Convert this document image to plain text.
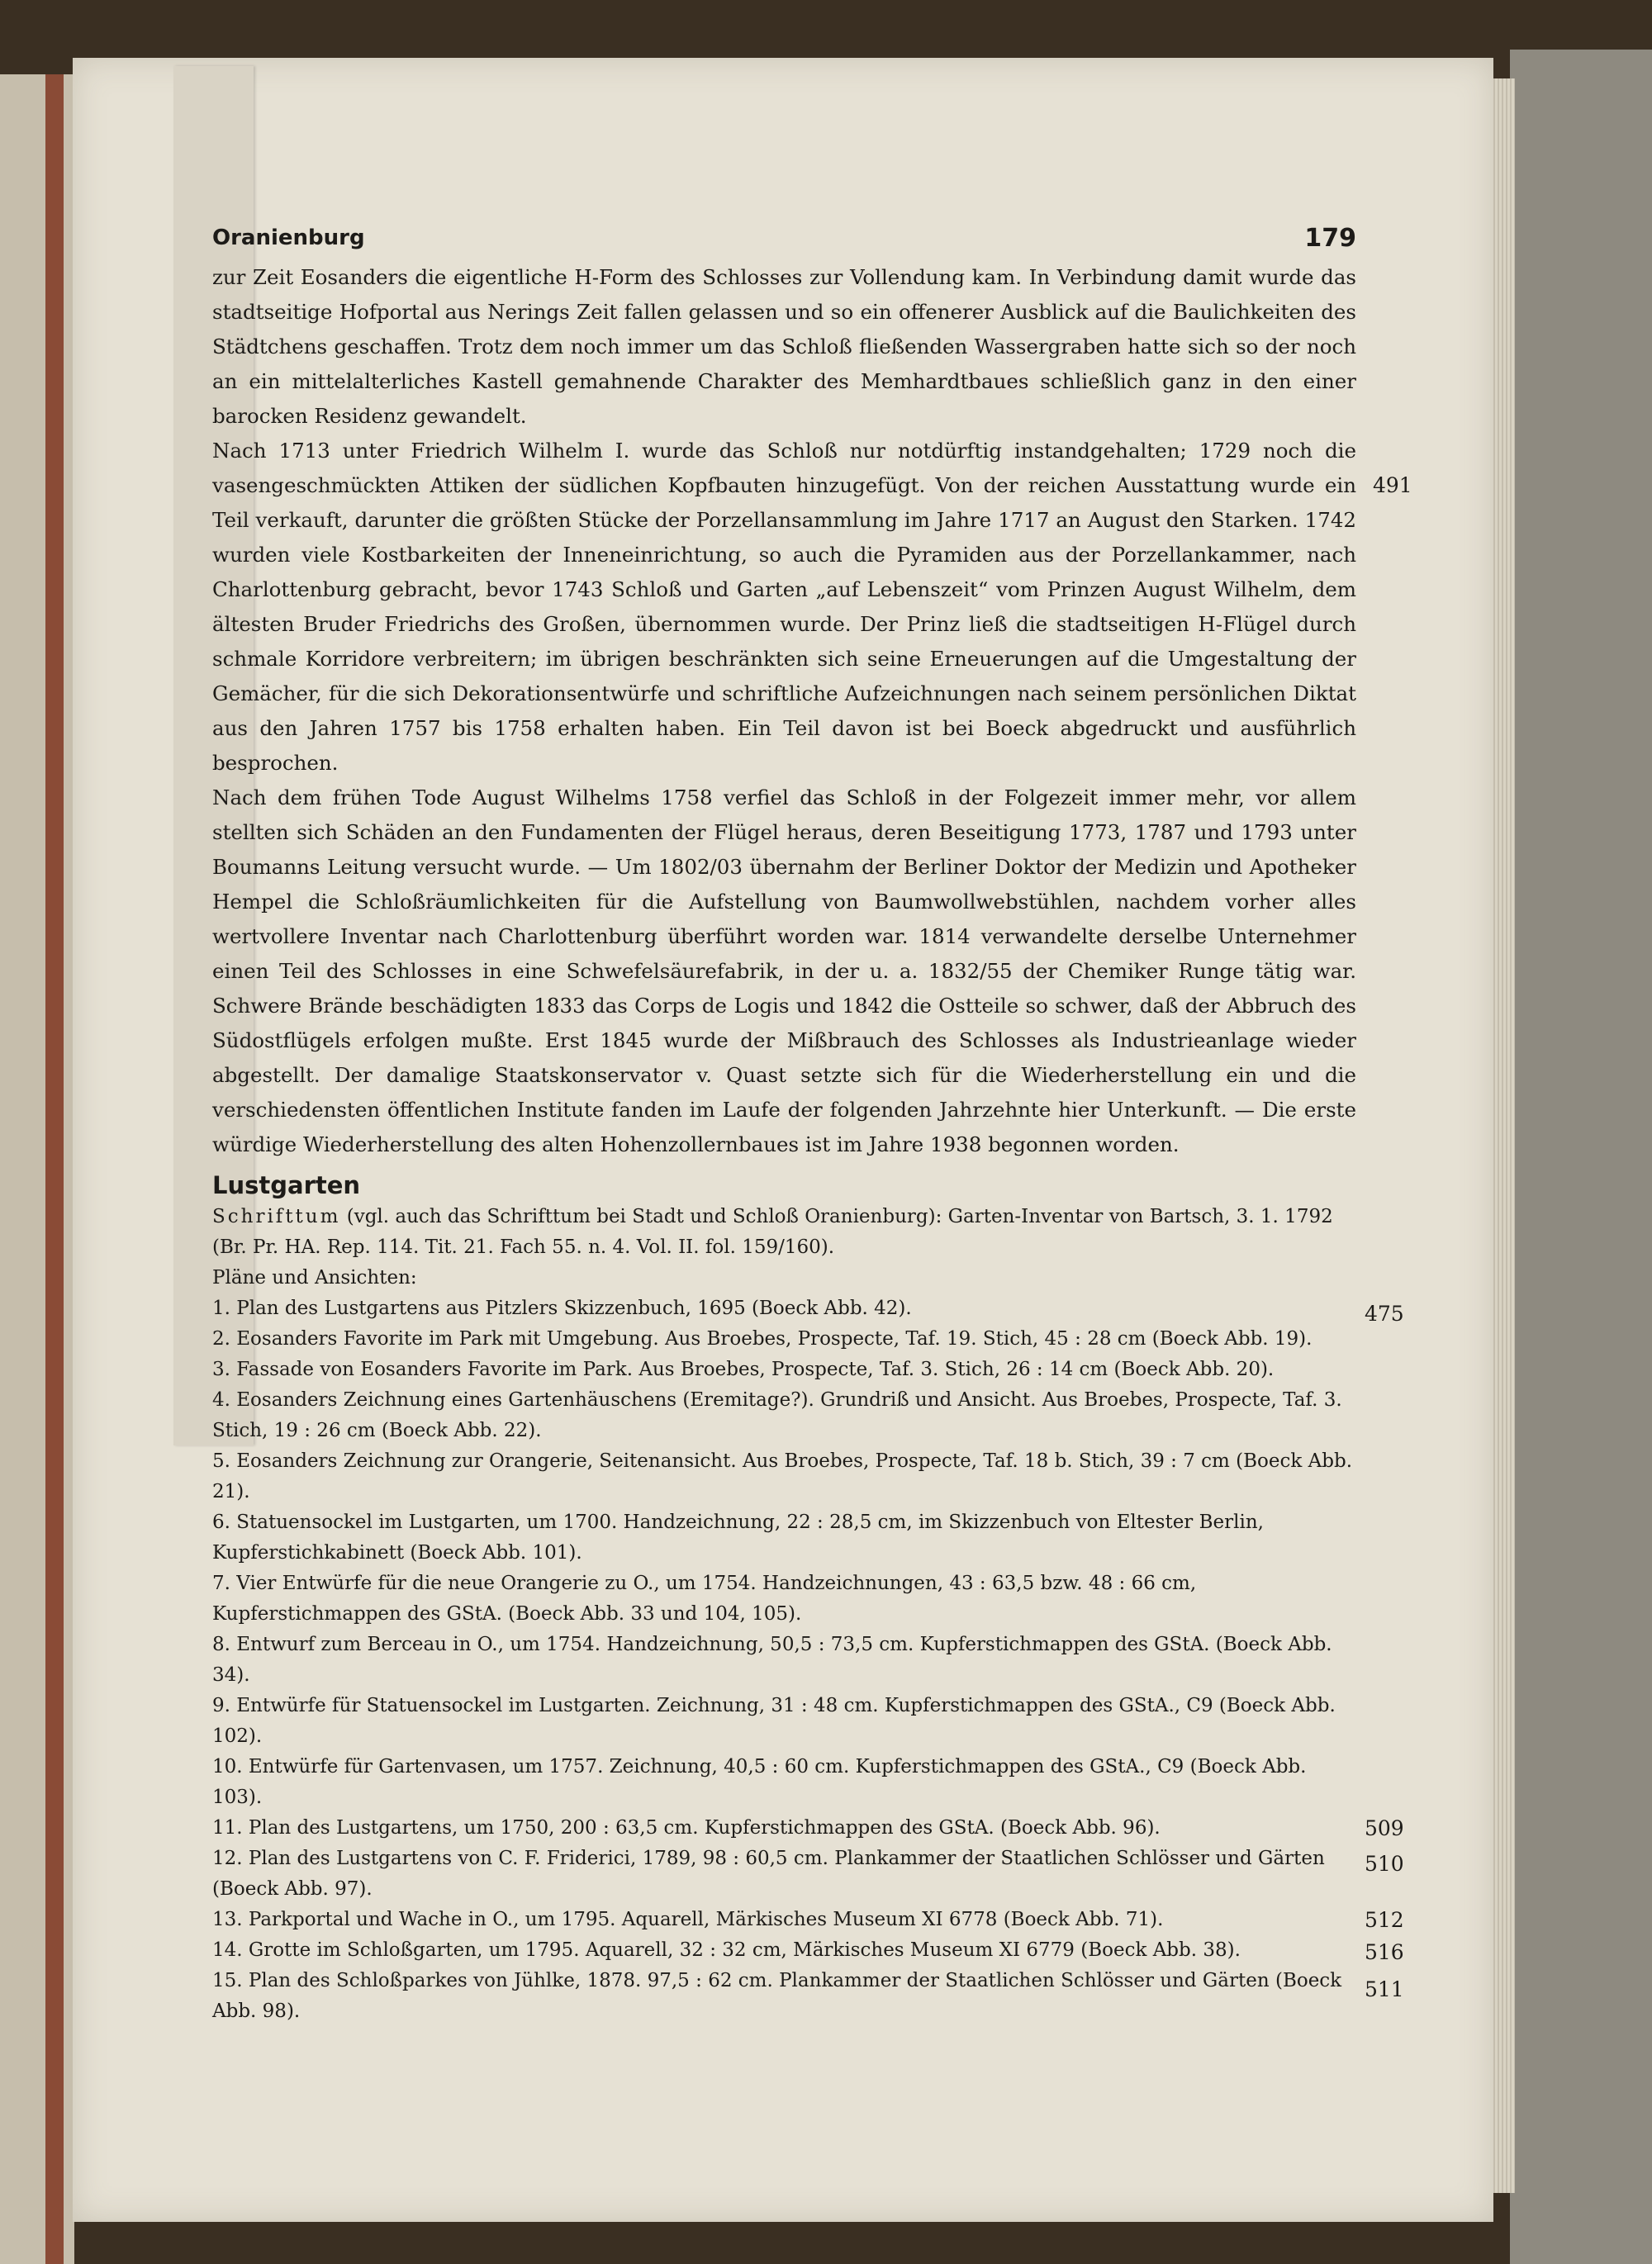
Oranienburg	179

zur Zeit Eosanders die eigentliche H-Form des Schlosses zur Vollendung kam. In Verbindung damit wurde das stadtseitige Hofportal aus Nerings Zeit fallen gelassen und so ein offenerer Ausblick auf die Baulichkeiten des Städtchens geschaffen. Trotz dem noch immer um das Schloß fließenden Wassergraben hatte sich so der noch an ein mittelalterliches Kastell gemahnende Charakter des Memhardtbaues schließlich ganz in den einer barocken Residenz gewandelt.

491

Nach 1713 unter Friedrich Wilhelm I. wurde das Schloß nur notdürftig instandgehalten; 1729 noch die vasengeschmückten Attiken der südlichen Kopfbauten hinzugefügt. Von der reichen Ausstattung wurde ein Teil verkauft, darunter die größten Stücke der Porzellansammlung im Jahre 1717 an August den Starken. 1742 wurden viele Kostbarkeiten der Inneneinrichtung, so auch die Pyramiden aus der Porzellankammer, nach Charlottenburg gebracht, bevor 1743 Schloß und Garten „auf Lebenszeit“ vom Prinzen August Wilhelm, dem ältesten Bruder Friedrichs des Großen, übernommen wurde. Der Prinz ließ die stadtseitigen H-Flügel durch schmale Korridore verbreitern; im übrigen beschränkten sich seine Erneuerungen auf die Umgestaltung der Gemächer, für die sich Dekorationsentwürfe und schriftliche Aufzeichnungen nach seinem persönlichen Diktat aus den Jahren 1757 bis 1758 erhalten haben. Ein Teil davon ist bei Boeck abgedruckt und ausführlich besprochen.

Nach dem frühen Tode August Wilhelms 1758 verfiel das Schloß in der Folgezeit immer mehr, vor allem stellten sich Schäden an den Fundamenten der Flügel heraus, deren Beseitigung 1773, 1787 und 1793 unter Boumanns Leitung versucht wurde. — Um 1802/03 übernahm der Berliner Doktor der Medizin und Apotheker Hempel die Schloßräumlichkeiten für die Aufstellung von Baumwollwebstühlen, nachdem vorher alles wertvollere Inventar nach Charlottenburg überführt worden war. 1814 verwandelte derselbe Unternehmer einen Teil des Schlosses in eine Schwefelsäurefabrik, in der u. a. 1832/55 der Chemiker Runge tätig war. Schwere Brände beschädigten 1833 das Corps de Logis und 1842 die Ostteile so schwer, daß der Abbruch des Südostflügels erfolgen mußte. Erst 1845 wurde der Mißbrauch des Schlosses als Industrieanlage wieder abgestellt. Der damalige Staatskonservator v. Quast setzte sich für die Wiederherstellung ein und die verschiedensten öffentlichen Institute fanden im Laufe der folgenden Jahrzehnte hier Unterkunft. — Die erste würdige Wiederherstellung des alten Hohenzollernbaues ist im Jahre 1938 begonnen worden.

Lustgarten
Schrifttum (vgl. auch das Schrifttum bei Stadt und Schloß Oranienburg): Garten-Inventar von Bartsch, 3. 1. 1792 (Br. Pr. HA. Rep. 114. Tit. 21. Fach 55. n. 4. Vol. II. fol. 159/160).
Pläne und Ansichten:
475
1. Plan des Lustgartens aus Pitzlers Skizzenbuch, 1695 (Boeck Abb. 42).
2. Eosanders Favorite im Park mit Umgebung. Aus Broebes, Prospecte, Taf. 19. Stich, 45 : 28 cm (Boeck Abb. 19).
3. Fassade von Eosanders Favorite im Park. Aus Broebes, Prospecte, Taf. 3. Stich, 26 : 14 cm (Boeck Abb. 20).
4. Eosanders Zeichnung eines Gartenhäuschens (Eremitage?). Grundriß und Ansicht. Aus Broebes, Prospecte, Taf. 3. Stich, 19 : 26 cm (Boeck Abb. 22).
5. Eosanders Zeichnung zur Orangerie, Seitenansicht. Aus Broebes, Prospecte, Taf. 18 b. Stich, 39 : 7 cm (Boeck Abb. 21).
6. Statuensockel im Lustgarten, um 1700. Handzeichnung, 22 : 28,5 cm, im Skizzenbuch von Eltester Berlin, Kupferstichkabinett (Boeck Abb. 101).
7. Vier Entwürfe für die neue Orangerie zu O., um 1754. Handzeichnungen, 43 : 63,5 bzw. 48 : 66 cm, Kupferstichmappen des GStA. (Boeck Abb. 33 und 104, 105).
8. Entwurf zum Berceau in O., um 1754. Handzeichnung, 50,5 : 73,5 cm. Kupferstichmappen des GStA. (Boeck Abb. 34).
9. Entwürfe für Statuensockel im Lustgarten. Zeichnung, 31 : 48 cm. Kupferstichmappen des GStA., C9 (Boeck Abb. 102).
10. Entwürfe für Gartenvasen, um 1757. Zeichnung, 40,5 : 60 cm. Kupferstichmappen des GStA., C9 (Boeck Abb. 103).
509
11. Plan des Lustgartens, um 1750, 200 : 63,5 cm. Kupferstichmappen des GStA. (Boeck Abb. 96).
510
12. Plan des Lustgartens von C. F. Friderici, 1789, 98 : 60,5 cm. Plankammer der Staatlichen Schlösser und Gärten (Boeck Abb. 97).
512
13. Parkportal und Wache in O., um 1795. Aquarell, Märkisches Museum XI 6778 (Boeck Abb. 71).
516
14. Grotte im Schloßgarten, um 1795. Aquarell, 32 : 32 cm, Märkisches Museum XI 6779 (Boeck Abb. 38).
511
15. Plan des Schloßparkes von Jühlke, 1878. 97,5 : 62 cm. Plankammer der Staatlichen Schlösser und Gärten (Boeck Abb. 98).
